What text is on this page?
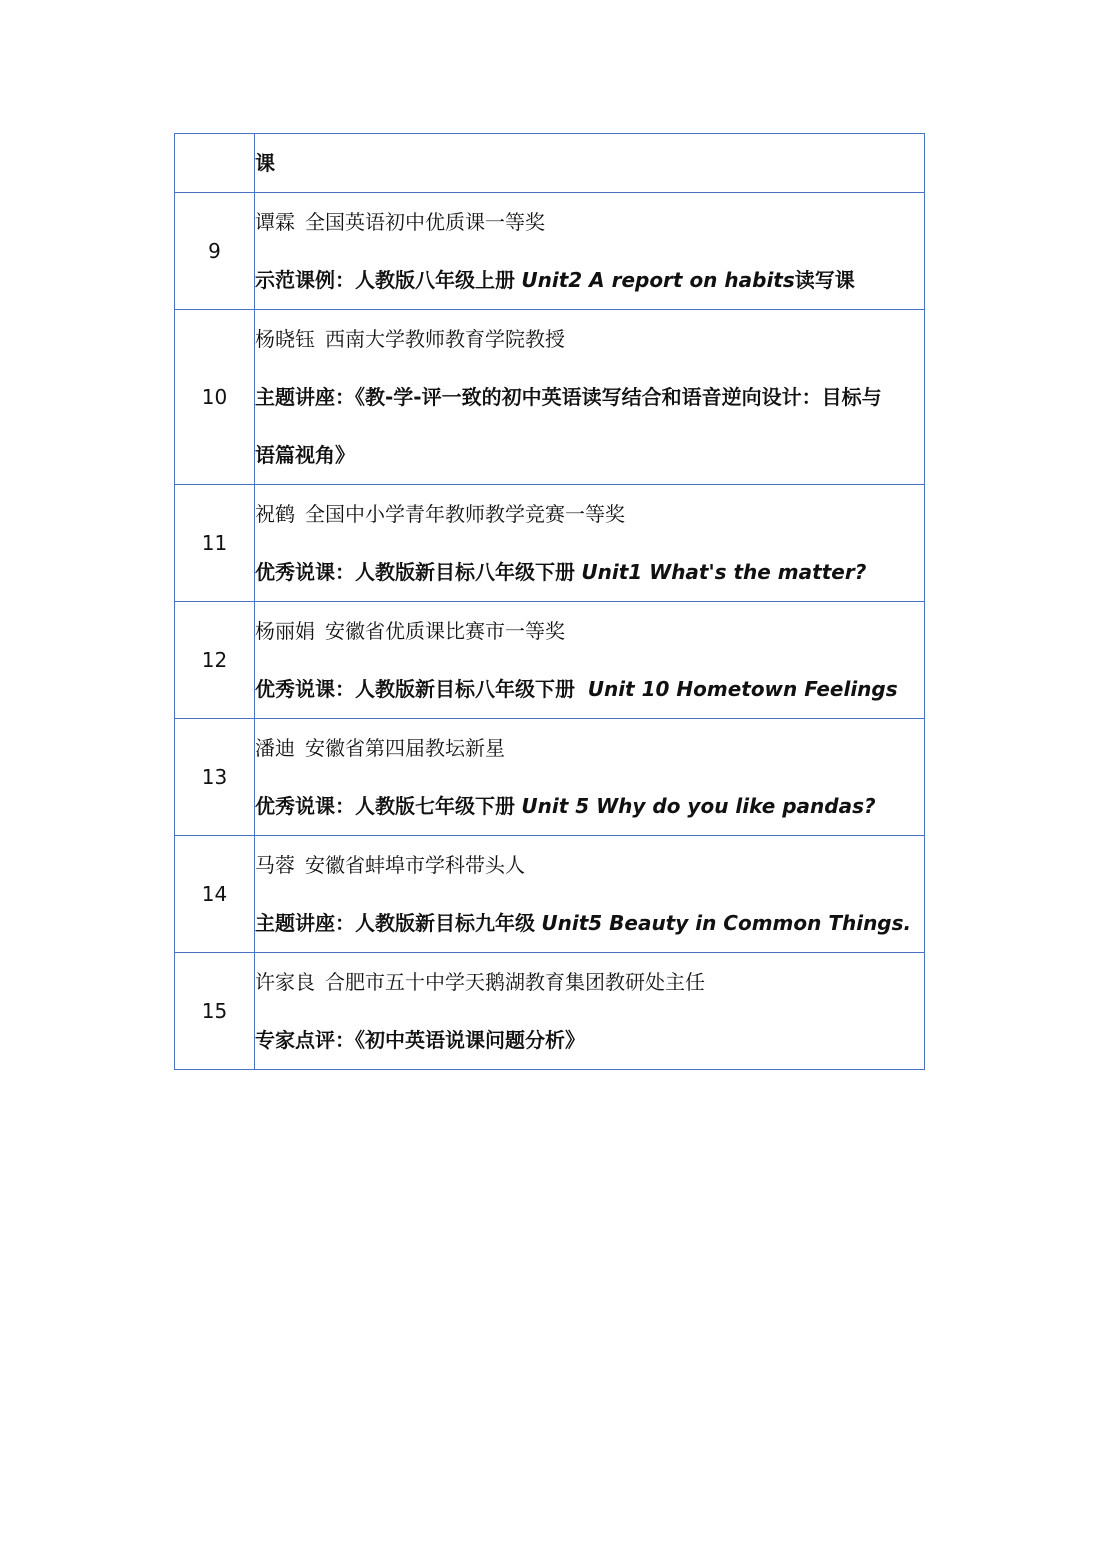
	课

9	谭霖 全国英语初中优质课一等奖
示范课例：人教版八年级上册 Unit2 A report on habits读写课

10	杨晓钰 西南大学教师教育学院教授
主题讲座：《教-学-评一致的初中英语读写结合和语音逆向设计：目标与
语篇视角》

11	祝鹤 全国中小学青年教师教学竞赛一等奖
优秀说课：人教版新目标八年级下册 Unit1 What's the matter?

12	杨丽娟 安徽省优质课比赛市一等奖
优秀说课：人教版新目标八年级下册 Unit 10 Hometown Feelings

13	潘迪 安徽省第四届教坛新星
优秀说课：人教版七年级下册 Unit 5 Why do you like pandas?

14	马蓉 安徽省蚌埠市学科带头人
主题讲座：人教版新目标九年级 Unit5 Beauty in Common Things.

15	许家良 合肥市五十中学天鹅湖教育集团教研处主任
专家点评：《初中英语说课问题分析》
